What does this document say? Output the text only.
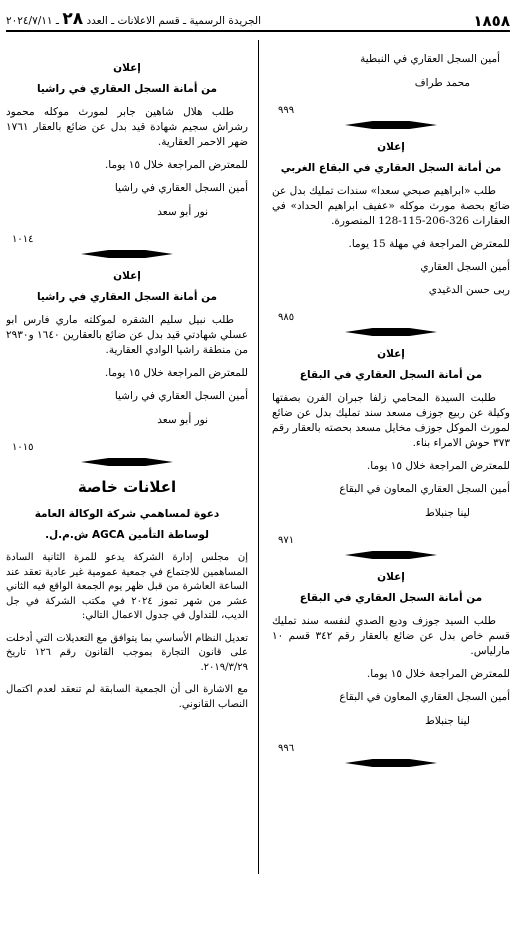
١٨٥٨
الجريدة الرسمية ـ قسم الاعلانات ـ العدد ٢٨ ـ ٢٠٢٤/٧/١١

أمين السجل العقاري في النبطية

محمد طراف

٩٩٩

إعلان

من أمانة السجل العقاري في البقاع الغربي

طلب «ابراهيم صبحي سعدا» سندات تمليك بدل عن ضائع بحصة مورث موكله «عفيف ابراهيم الحداد» في العقارات 326-206-115-128 المنصورة.

للمعترض المراجعة في مهلة 15 يوما.

أمين السجل العقاري

ربى حسن الدغيدي

٩٨٥

إعلان

من أمانة السجل العقاري في البقاع

طلبت السيدة المحامي زلفا جبران الفرن بصفتها وكيلة عن ربيع جوزف مسعد سند تمليك بدل عن ضائع لمورث الموكل جوزف مخايل مسعد بحصته بالعقار رقم ٣٧٣ حوش الامراء بناء.

للمعترض المراجعة خلال ١٥ يوما.

أمين السجل العقاري المعاون في البقاع

لينا جنبلاط

٩٧١

إعلان

من أمانة السجل العقاري في البقاع

طلب السيد جوزف وديع الصدي لنفسه سند تمليك قسم خاص بدل عن ضائع بالعقار رقم ٣٤٢ قسم ١٠ مارلياس.

للمعترض المراجعة خلال ١٥ يوما.

أمين السجل العقاري المعاون في البقاع

لينا جنبلاط

٩٩٦

إعلان

من أمانة السجل العقاري في راشيا

طلب هلال شاهين جابر لمورث موكله محمود رشراش سجيم شهادة قيد بدل عن ضائع بالعقار ١٧٦١ ضهر الاحمر العقارية.

للمعترض المراجعة خلال ١٥ يوما.

أمين السجل العقاري في راشيا

نور أبو سعد

١٠١٤

إعلان

من أمانة السجل العقاري في راشيا

طلب نبيل سليم الشقره لموكلته ماري فارس ابو عسلي شهادتي قيد بدل عن ضائع بالعقارين ١٦٤٠ و٢٩٣٠ من منطقة راشيا الوادي العقارية.

للمعترض المراجعة خلال ١٥ يوما.

أمين السجل العقاري في راشيا

نور أبو سعد

١٠١٥

اعلانات خاصة

دعوة لمساهمي شركة الوكالة العامة

لوساطة التأمين AGCA ش.م.ل.

إن مجلس إدارة الشركة يدعو للمرة الثانية السادة المساهمين للاجتماع في جمعية عمومية غير عادية تعقد عند الساعة العاشرة من قبل ظهر يوم الجمعة الواقع فيه الثاني عشر من شهر تموز ٢٠٢٤ في مكتب الشركة في جل الديب، للتداول في جدول الاعمال التالي:

تعديل النظام الأساسي بما يتوافق مع التعديلات التي أدخلت على قانون التجارة بموجب القانون رقم ١٢٦ تاريخ ٢٠١٩/٣/٢٩.

مع الاشارة الى أن الجمعية السابقة لم تنعقد لعدم اكتمال النصاب القانوني.
